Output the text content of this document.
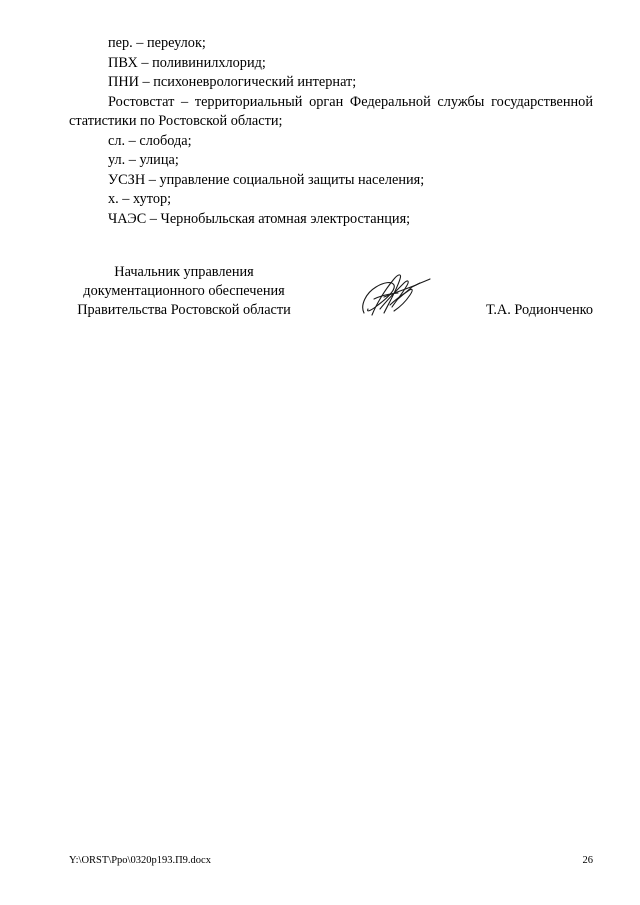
пер. – переулок;
ПВХ – поливинилхлорид;
ПНИ – психоневрологический интернат;
Ростовстат – территориальный орган Федеральной службы государственной статистики по Ростовской области;
сл. – слобода;
ул. – улица;
УСЗН – управление социальной защиты населения;
х. – хутор;
ЧАЭС – Чернобыльская атомная электростанция;
Начальник управления
документационного обеспечения
Правительства Ростовской области	Т.А. Родионченко
Y:\ORST\Ppo\0320p193.П9.docx	26
